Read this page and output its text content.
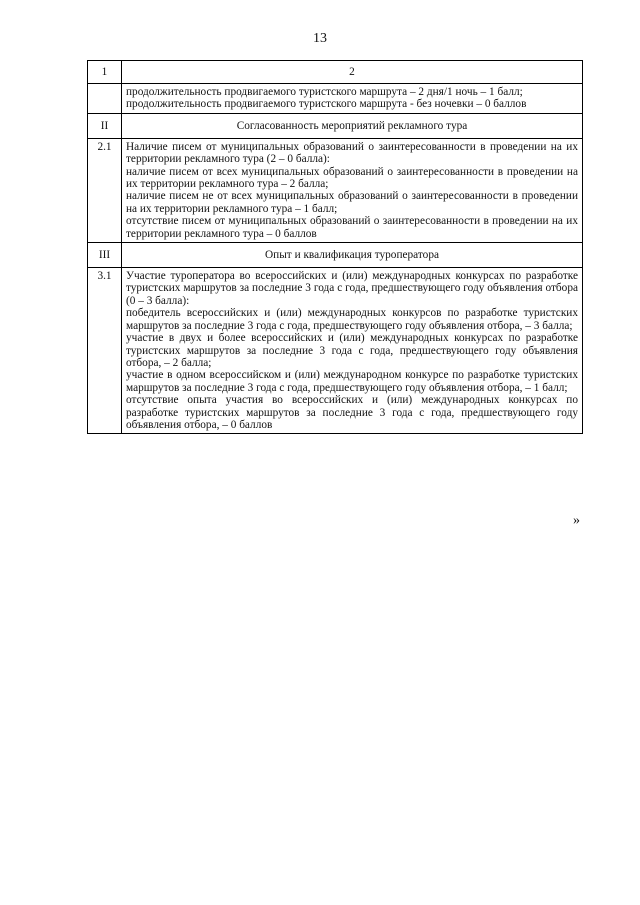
13
1	2

	продолжительность продвигаемого туристского маршрута – 2 дня/1 ночь – 1 балл;
продолжительность продвигаемого туристского маршрута - без ночевки – 0 баллов

II	Согласованность мероприятий рекламного тура
2.1	Наличие писем от муниципальных образований о заинтересованности в проведении на их территории рекламного тура (2 – 0 балла):
наличие писем от всех муниципальных образований о заинтересованности в проведении на их территории рекламного тура – 2 балла;
наличие писем не от всех муниципальных образований о заинтересованности в проведении на их территории рекламного тура – 1 балл;
отсутствие писем от муниципальных образований о заинтересованности в проведении на их территории рекламного тура – 0 баллов

III	Опыт и квалификация туроператора
3.1	Участие туроператора во всероссийских и (или) международных конкурсах по разработке туристских маршрутов за последние 3 года с года, предшествующего году объявления отбора (0 – 3 балла):
победитель всероссийских и (или) международных конкурсов по разработке туристских маршрутов за последние 3 года с года, предшествующего году объявления отбора, – 3 балла;
участие в двух и более всероссийских и (или) международных конкурсах по разработке туристских маршрутов за последние 3 года с года, предшествующего году объявления отбора, – 2 балла;
участие в одном всероссийском и (или) международном конкурсе по разработке туристских маршрутов за последние 3 года с года, предшествующего году объявления отбора, – 1 балл;
отсутствие опыта участия во всероссийских и (или) международных конкурсах по разработке туристских маршрутов за последние 3 года с года, предшествующего году объявления отбора, – 0 баллов
»
